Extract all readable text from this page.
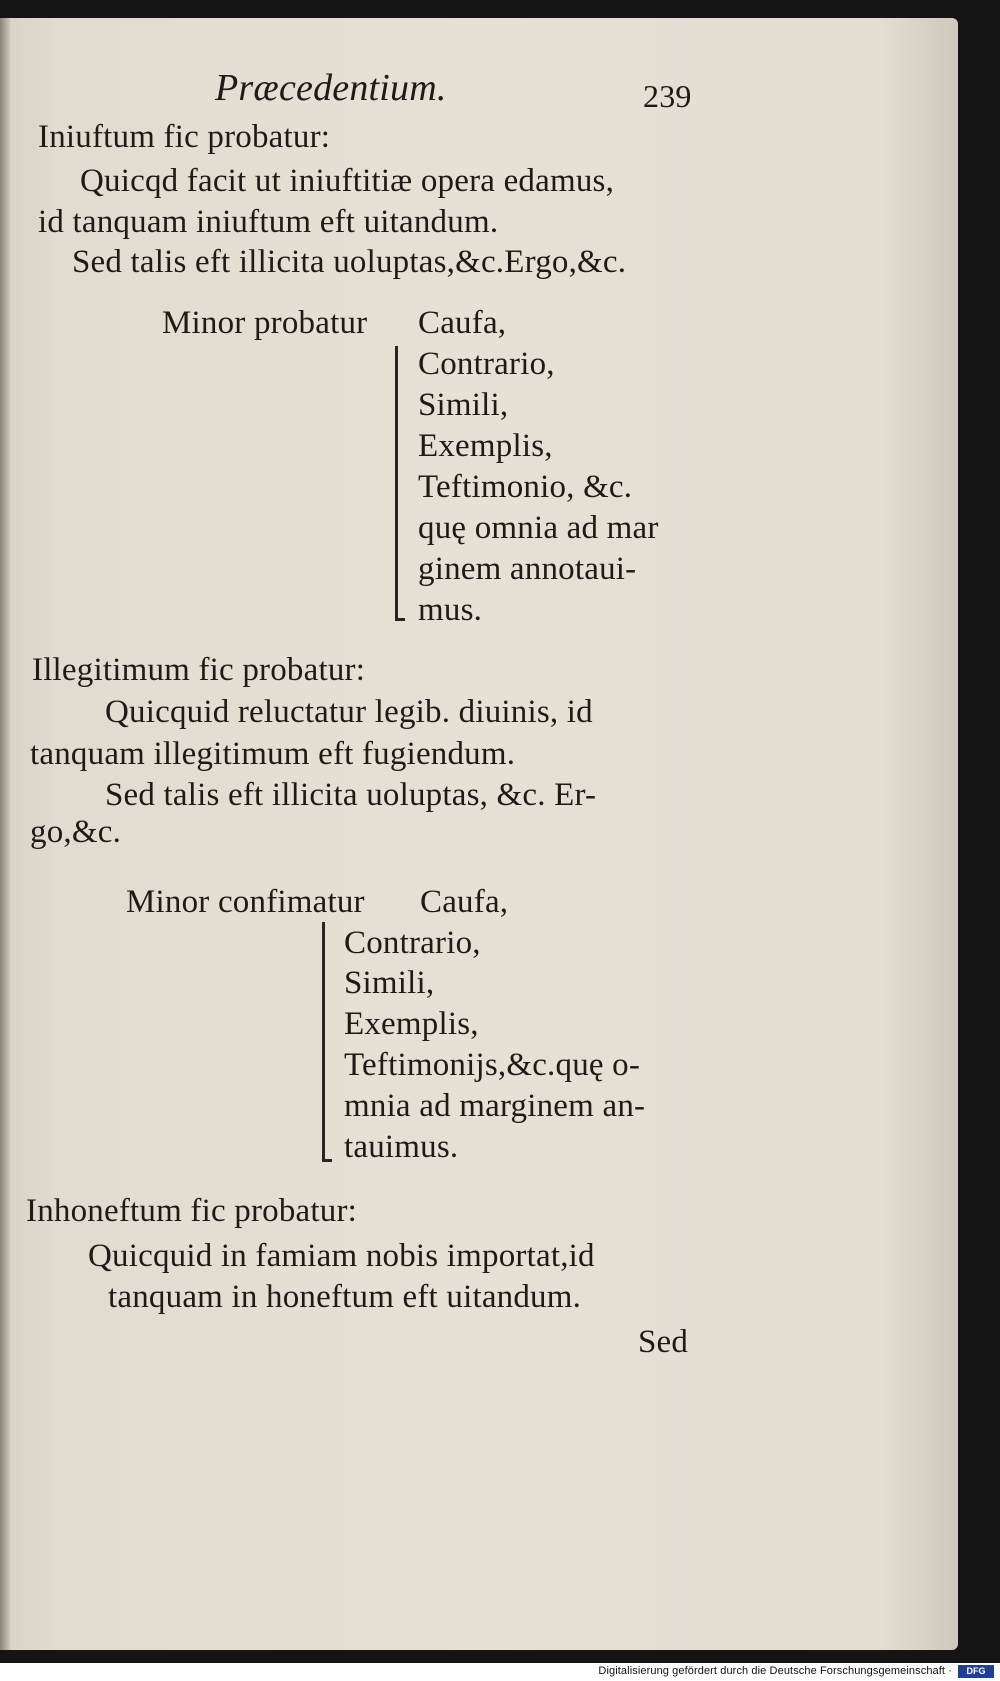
Præcedentium.	239
Iniuftum fic probatur:
Quicqd facit ut iniuftitiæ opera edamus,
id tanquam iniuftum eft uitandum.
Sed talis eft illicita uoluptas,&c.Ergo,&c.
Minor probatur Caufa,
Contrario,
Simili,
Exemplis,
Teftimonio, &c.
quę omnia ad mar
ginem annotaui-
mus.
Illegitimum fic probatur:
Quicquid reluctatur legib. diuinis, id
tanquam illegitimum eft fugiendum.
Sed talis eft illicita uoluptas, &c. Er-
go,&c.
Minor confimatur Caufa,
Contrario,
Simili,
Exemplis,
Teftimonijs,&c.quę o-
mnia ad marginem an-
tauimus.
Inhoneftum fic probatur:
Quicquid in famiam nobis importat,id
tanquam in honeftum eft uitandum.
Sed
Digitalisierung gefördert durch die Deutsche Forschungsgemeinschaft ·	DFG
